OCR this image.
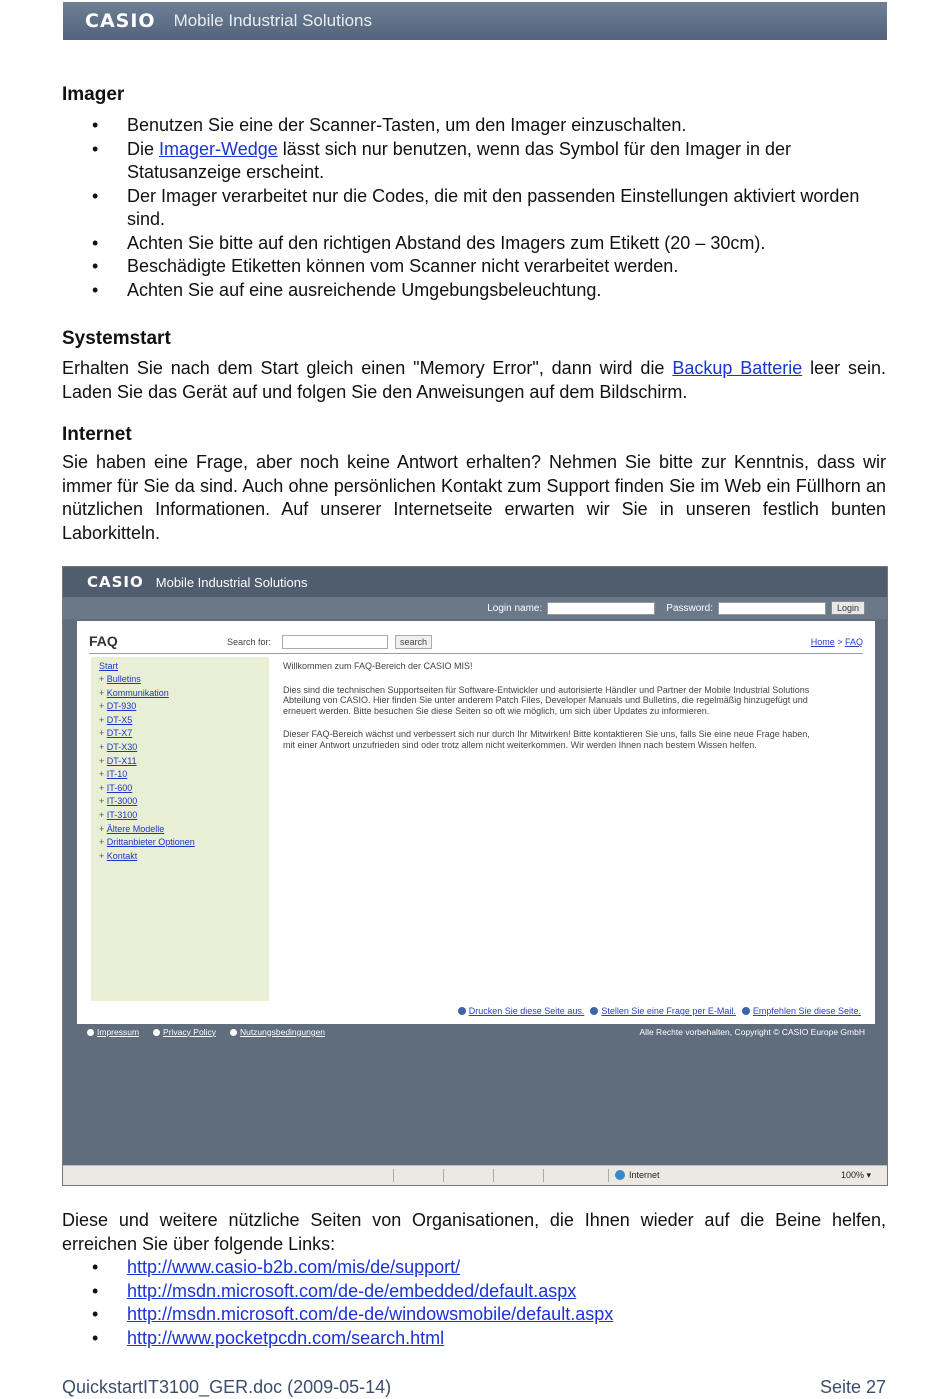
CASIO Mobile Industrial Solutions
Imager
• Benutzen Sie eine der Scanner-Tasten, um den Imager einzuschalten.
• Die Imager-Wedge lässt sich nur benutzen, wenn das Symbol für den Imager in der Statusanzeige erscheint.
• Der Imager verarbeitet nur die Codes, die mit den passenden Einstellungen aktiviert worden sind.
• Achten Sie bitte auf den richtigen Abstand des Imagers zum Etikett (20 – 30cm).
• Beschädigte Etiketten können vom Scanner nicht verarbeitet werden.
• Achten Sie auf eine ausreichende Umgebungsbeleuchtung.
Systemstart

Erhalten Sie nach dem Start gleich einen "Memory Error", dann wird die Backup Batterie leer sein. Laden Sie das Gerät auf und folgen Sie den Anweisungen auf dem Bildschirm.

Internet

Sie haben eine Frage, aber noch keine Antwort erhalten? Nehmen Sie bitte zur Kenntnis, dass wir immer für Sie da sind. Auch ohne persönlichen Kontakt zum Support finden Sie im Web ein Füllhorn an nützlichen Informationen. Auf unserer Internetseite erwarten wir Sie in unseren festlich bunten Laborkitteln.

CASIO Mobile Industrial Solutions
Login name:	Password:	Login
FAQ	Search for:	search	Home > FAQ
Start
+ Bulletins
+ Kommunikation
+ DT-930
+ DT-X5
+ DT-X7
+ DT-X30
+ DT-X11
+ IT-10
+ IT-600
+ IT-3000
+ IT-3100
+ Ältere Modelle
+ Drittanbieter Optionen
+ Kontakt
Willkommen zum FAQ-Bereich der CASIO MIS!
Dies sind die technischen Supportseiten für Software-Entwickler und autorisierte Händler und Partner der Mobile Industrial Solutions Abteilung von CASIO. Hier finden Sie unter anderem Patch Files, Developer Manuals und Bulletins, die regelmäßig hinzugefügt und erneuert werden. Bitte besuchen Sie diese Seiten so oft wie möglich, um sich über Updates zu informieren.
Dieser FAQ-Bereich wächst und verbessert sich nur durch Ihr Mitwirken! Bitte kontaktieren Sie uns, falls Sie eine neue Frage haben, mit einer Antwort unzufrieden sind oder trotz allem nicht weiterkommen. Wir werden Ihnen nach bestem Wissen helfen.
Drucken Sie diese Seite aus.	Stellen Sie eine Frage per E-Mail.	Empfehlen Sie diese Seite.
Impressum	Privacy Policy	Nutzungsbedingungen	Alle Rechte vorbehalten, Copyright © CASIO Europe GmbH
Internet	100% ▾

Diese und weitere nützliche Seiten von Organisationen, die Ihnen wieder auf die Beine helfen, erreichen Sie über folgende Links:

• http://www.casio-b2b.com/mis/de/support/
• http://msdn.microsoft.com/de-de/embedded/default.aspx
• http://msdn.microsoft.com/de-de/windowsmobile/default.aspx
• http://www.pocketpcdn.com/search.html
QuickstartIT3100_GER.doc (2009-05-14)	Seite 27
